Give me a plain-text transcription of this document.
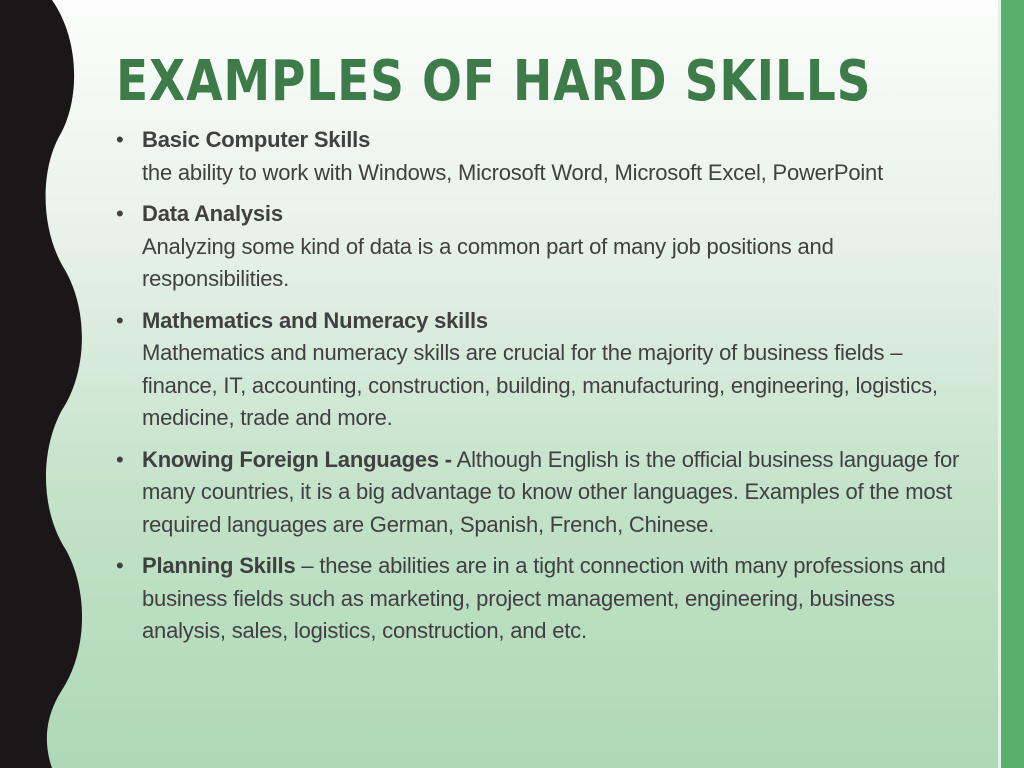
EXAMPLES OF HARD SKILLS
• Basic Computer Skills
the ability to work with Windows, Microsoft Word, Microsoft Excel, PowerPoint
• Data Analysis
Analyzing some kind of data is a common part of many job positions and responsibilities.
• Mathematics and Numeracy skills
Mathematics and numeracy skills are crucial for the majority of business fields – finance, IT, accounting, construction, building, manufacturing, engineering, logistics, medicine, trade and more.
• Knowing Foreign Languages - Although English is the official business language for many countries, it is a big advantage to know other languages. Examples of the most required languages are German, Spanish, French, Chinese.
• Planning Skills – these abilities are in a tight connection with many professions and business fields such as marketing, project management, engineering, business analysis, sales, logistics, construction, and etc.
